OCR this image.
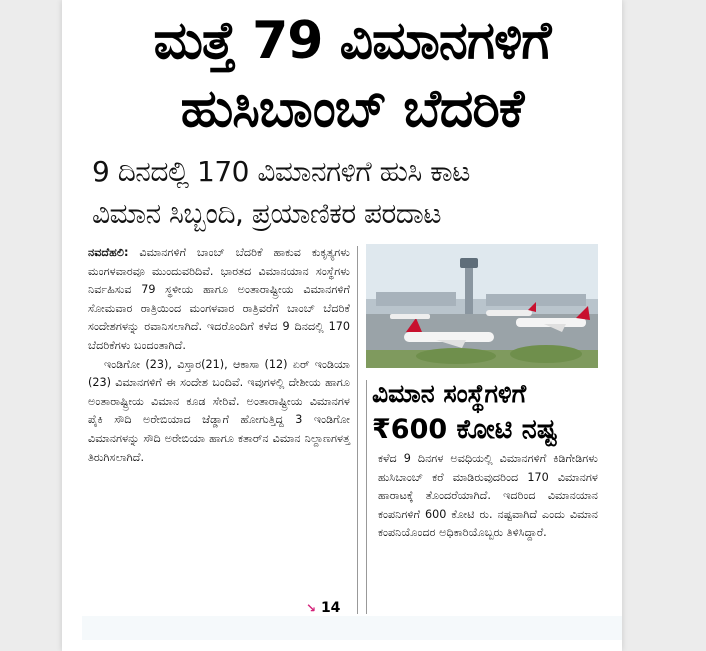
ಮತ್ತೆ 79 ವಿಮಾನಗಳಿಗೆ
ಹುಸಿಬಾಂಬ್ ಬೆದರಿಕೆ
9 ದಿನದಲ್ಲಿ 170 ವಿಮಾನಗಳಿಗೆ ಹುಸಿ ಕಾಟ
ವಿಮಾನ ಸಿಬ್ಬಂದಿ, ಪ್ರಯಾಣಿಕರ ಪರದಾಟ

ನವದೆಹಲಿ: ವಿಮಾನಗಳಿಗೆ ಬಾಂಬ್ ಬೆದರಿಕೆ ಹಾಕುವ ಕುಕೃತ್ಯಗಳು ಮಂಗಳವಾರವೂ ಮುಂದುವರಿದಿವೆ. ಭಾರತದ ವಿಮಾನಯಾನ ಸಂಸ್ಥೆಗಳು ನಿರ್ವಹಿಸುವ 79 ಸ್ಥಳೀಯ ಹಾಗೂ ಅಂತಾರಾಷ್ಟ್ರೀಯ ವಿಮಾನಗಳಿಗೆ ಸೋಮವಾರ ರಾತ್ರಿಯಿಂದ ಮಂಗಳವಾರ ರಾತ್ರಿವರೆಗೆ ಬಾಂಬ್ ಬೆದರಿಕೆ ಸಂದೇಶಗಳನ್ನು ರವಾನಿಸಲಾಗಿದೆ. ಇದರೊಂದಿಗೆ ಕಳೆದ 9 ದಿನದಲ್ಲಿ 170 ಬೆದರಿಕೆಗಳು ಬಂದಂತಾಗಿದೆ.

ಇಂಡಿಗೋ (23), ವಿಸ್ತಾರ(21), ಆಕಾಸಾ (12) ಏರ್ ಇಂಡಿಯಾ (23) ವಿಮಾನಗಳಿಗೆ ಈ ಸಂದೇಶ ಬಂದಿವೆ. ಇವುಗಳಲ್ಲಿ ದೇಶೀಯ ಹಾಗೂ ಅಂತಾರಾಷ್ಟ್ರೀಯ ವಿಮಾನ ಕೂಡ ಸೇರಿವೆ. ಅಂತಾರಾಷ್ಟ್ರೀಯ ವಿಮಾನಗಳ ಪೈಕಿ ಸೌದಿ ಅರೇಬಿಯಾದ ಜೆಡ್ಡಾಗೆ ಹೋಗುತ್ತಿದ್ದ 3 ಇಂಡಿಗೋ ವಿಮಾನಗಳನ್ನು ಸೌದಿ ಅರೇಬಿಯಾ ಹಾಗೂ ಕತಾರ್‌ನ ವಿಮಾನ ನಿಲ್ದಾಣಗಳತ್ತ ತಿರುಗಿಸಲಾಗಿದೆ.

↘ 14
ವಿಮಾನ ಸಂಸ್ಥೆಗಳಿಗೆ
₹600 ಕೋಟಿ ನಷ್ಟ
ಕಳೆದ 9 ದಿನಗಳ ಅವಧಿಯಲ್ಲಿ ವಿಮಾನಗಳಿಗೆ ಕಿಡಿಗೇಡಿಗಳು ಹುಸಿಬಾಂಬ್ ಕರೆ ಮಾಡಿರುವುದರಿಂದ 170 ವಿಮಾನಗಳ ಹಾರಾಟಕ್ಕೆ ತೊಂದರೆಯಾಗಿದೆ. ಇದರಿಂದ ವಿಮಾನಯಾನ ಕಂಪನಿಗಳಿಗೆ 600 ಕೋಟಿ ರು. ನಷ್ಟವಾಗಿದೆ ಎಂದು ವಿಮಾನ ಕಂಪನಿಯೊಂದರ ಅಧಿಕಾರಿಯೊಬ್ಬರು ತಿಳಿಸಿದ್ದಾರೆ.
